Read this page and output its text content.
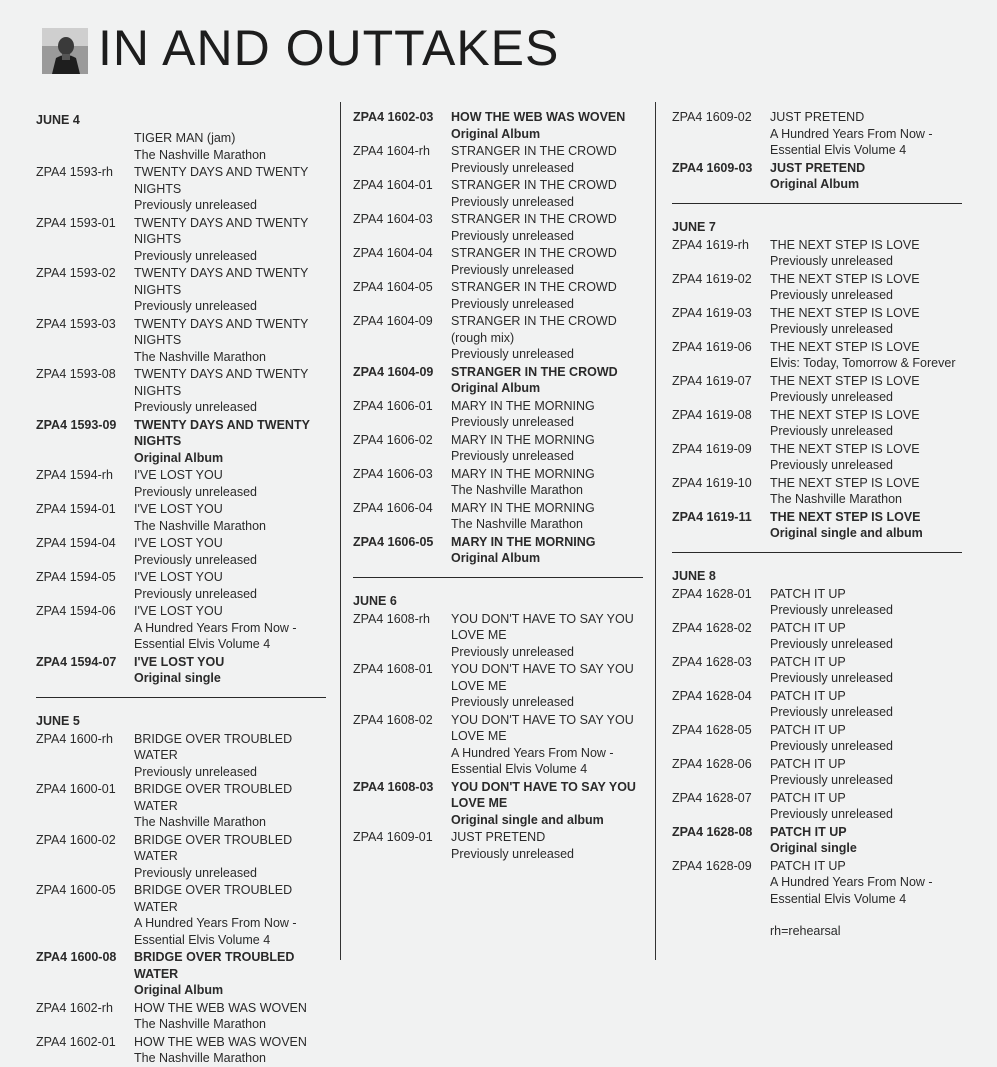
IN AND OUTTAKES
JUNE 4
TIGER MAN (jam)
The Nashville Marathon
ZPA4 1593-rh	TWENTY DAYS AND TWENTY NIGHTS
Previously unreleased
ZPA4 1593-01	TWENTY DAYS AND TWENTY NIGHTS
Previously unreleased
ZPA4 1593-02	TWENTY DAYS AND TWENTY NIGHTS
Previously unreleased
ZPA4 1593-03	TWENTY DAYS AND TWENTY NIGHTS
The Nashville Marathon
ZPA4 1593-08	TWENTY DAYS AND TWENTY NIGHTS
Previously unreleased
ZPA4 1593-09	TWENTY DAYS AND TWENTY NIGHTS
Original Album
ZPA4 1594-rh	I'VE LOST YOU
Previously unreleased
ZPA4 1594-01	I'VE LOST YOU
The Nashville Marathon
ZPA4 1594-04	I'VE LOST YOU
Previously unreleased
ZPA4 1594-05	I'VE LOST YOU
Previously unreleased
ZPA4 1594-06	I'VE LOST YOU
A Hundred Years From Now - Essential Elvis Volume 4
ZPA4 1594-07	I'VE LOST YOU
Original single
JUNE 5
ZPA4 1600-rh	BRIDGE OVER TROUBLED WATER
Previously unreleased
ZPA4 1600-01	BRIDGE OVER TROUBLED WATER
The Nashville Marathon
ZPA4 1600-02	BRIDGE OVER TROUBLED WATER
Previously unreleased
ZPA4 1600-05	BRIDGE OVER TROUBLED WATER
A Hundred Years From Now - Essential Elvis Volume 4
ZPA4 1600-08	BRIDGE OVER TROUBLED WATER
Original Album
ZPA4 1602-rh	HOW THE WEB WAS WOVEN
The Nashville Marathon
ZPA4 1602-01	HOW THE WEB WAS WOVEN
The Nashville Marathon
ZPA4 1602-03	HOW THE WEB WAS WOVEN
Original Album
ZPA4 1604-rh	STRANGER IN THE CROWD
Previously unreleased
ZPA4 1604-01	STRANGER IN THE CROWD
Previously unreleased
ZPA4 1604-03	STRANGER IN THE CROWD
Previously unreleased
ZPA4 1604-04	STRANGER IN THE CROWD
Previously unreleased
ZPA4 1604-05	STRANGER IN THE CROWD
Previously unreleased
ZPA4 1604-09	STRANGER IN THE CROWD (rough mix)
Previously unreleased
ZPA4 1604-09	STRANGER IN THE CROWD
Original Album
ZPA4 1606-01	MARY IN THE MORNING
Previously unreleased
ZPA4 1606-02	MARY IN THE MORNING
Previously unreleased
ZPA4 1606-03	MARY IN THE MORNING
The Nashville Marathon
ZPA4 1606-04	MARY IN THE MORNING
The Nashville Marathon
ZPA4 1606-05	MARY IN THE MORNING
Original Album
JUNE 6
ZPA4 1608-rh	YOU DON'T HAVE TO SAY YOU LOVE ME
Previously unreleased
ZPA4 1608-01	YOU DON'T HAVE TO SAY YOU LOVE ME
Previously unreleased
ZPA4 1608-02	YOU DON'T HAVE TO SAY YOU LOVE ME
A Hundred Years From Now - Essential Elvis Volume 4
ZPA4 1608-03	YOU DON'T HAVE TO SAY YOU LOVE ME
Original single and album
ZPA4 1609-01	JUST PRETEND
Previously unreleased
ZPA4 1609-02	JUST PRETEND
A Hundred Years From Now - Essential Elvis Volume 4
ZPA4 1609-03	JUST PRETEND
Original Album
JUNE 7
ZPA4 1619-rh	THE NEXT STEP IS LOVE
Previously unreleased
ZPA4 1619-02	THE NEXT STEP IS LOVE
Previously unreleased
ZPA4 1619-03	THE NEXT STEP IS LOVE
Previously unreleased
ZPA4 1619-06	THE NEXT STEP IS LOVE
Elvis: Today, Tomorrow & Forever
ZPA4 1619-07	THE NEXT STEP IS LOVE
Previously unreleased
ZPA4 1619-08	THE NEXT STEP IS LOVE
Previously unreleased
ZPA4 1619-09	THE NEXT STEP IS LOVE
Previously unreleased
ZPA4 1619-10	THE NEXT STEP IS LOVE
The Nashville Marathon
ZPA4 1619-11	THE NEXT STEP IS LOVE
Original single and album
JUNE 8
ZPA4 1628-01	PATCH IT UP
Previously unreleased
ZPA4 1628-02	PATCH IT UP
Previously unreleased
ZPA4 1628-03	PATCH IT UP
Previously unreleased
ZPA4 1628-04	PATCH IT UP
Previously unreleased
ZPA4 1628-05	PATCH IT UP
Previously unreleased
ZPA4 1628-06	PATCH IT UP
Previously unreleased
ZPA4 1628-07	PATCH IT UP
Previously unreleased
ZPA4 1628-08	PATCH IT UP
Original single
ZPA4 1628-09	PATCH IT UP
A Hundred Years From Now - Essential Elvis Volume 4
rh=rehearsal
